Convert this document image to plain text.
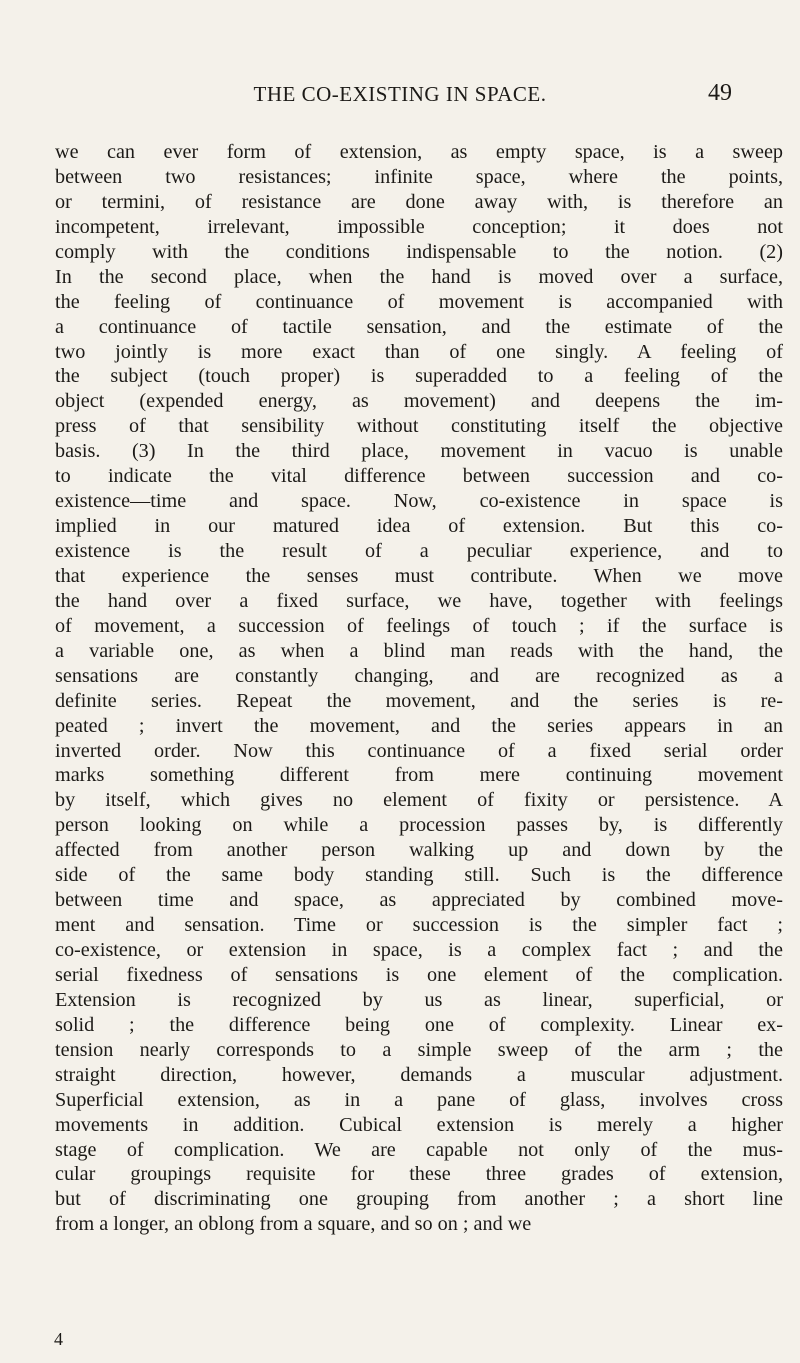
THE CO-EXISTING IN SPACE.	49
we can ever form of extension, as empty space, is a sweep
between two resistances; infinite space, where the points,
or termini, of resistance are done away with, is therefore an
incompetent, irrelevant, impossible conception; it does not
comply with the conditions indispensable to the notion. (2)
In the second place, when the hand is moved over a surface,
the feeling of continuance of movement is accompanied with
a continuance of tactile sensation, and the estimate of the
two jointly is more exact than of one singly. A feeling of
the subject (touch proper) is superadded to a feeling of the
object (expended energy, as movement) and deepens the im-
press of that sensibility without constituting itself the objective
basis. (3) In the third place, movement in vacuo is unable
to indicate the vital difference between succession and co-
existence—time and space. Now, co-existence in space is
implied in our matured idea of extension. But this co-
existence is the result of a peculiar experience, and to
that experience the senses must contribute. When we move
the hand over a fixed surface, we have, together with feelings
of movement, a succession of feelings of touch ; if the surface is
a variable one, as when a blind man reads with the hand, the
sensations are constantly changing, and are recognized as a
definite series. Repeat the movement, and the series is re-
peated ; invert the movement, and the series appears in an
inverted order. Now this continuance of a fixed serial order
marks something different from mere continuing movement
by itself, which gives no element of fixity or persistence. A
person looking on while a procession passes by, is differently
affected from another person walking up and down by the
side of the same body standing still. Such is the difference
between time and space, as appreciated by combined move-
ment and sensation. Time or succession is the simpler fact ;
co-existence, or extension in space, is a complex fact ; and the
serial fixedness of sensations is one element of the complication.
Extension is recognized by us as linear, superficial, or
solid ; the difference being one of complexity. Linear ex-
tension nearly corresponds to a simple sweep of the arm ; the
straight direction, however, demands a muscular adjustment.
Superficial extension, as in a pane of glass, involves cross
movements in addition. Cubical extension is merely a higher
stage of complication. We are capable not only of the mus-
cular groupings requisite for these three grades of extension,
but of discriminating one grouping from another ; a short line
from a longer, an oblong from a square, and so on ; and we
4
